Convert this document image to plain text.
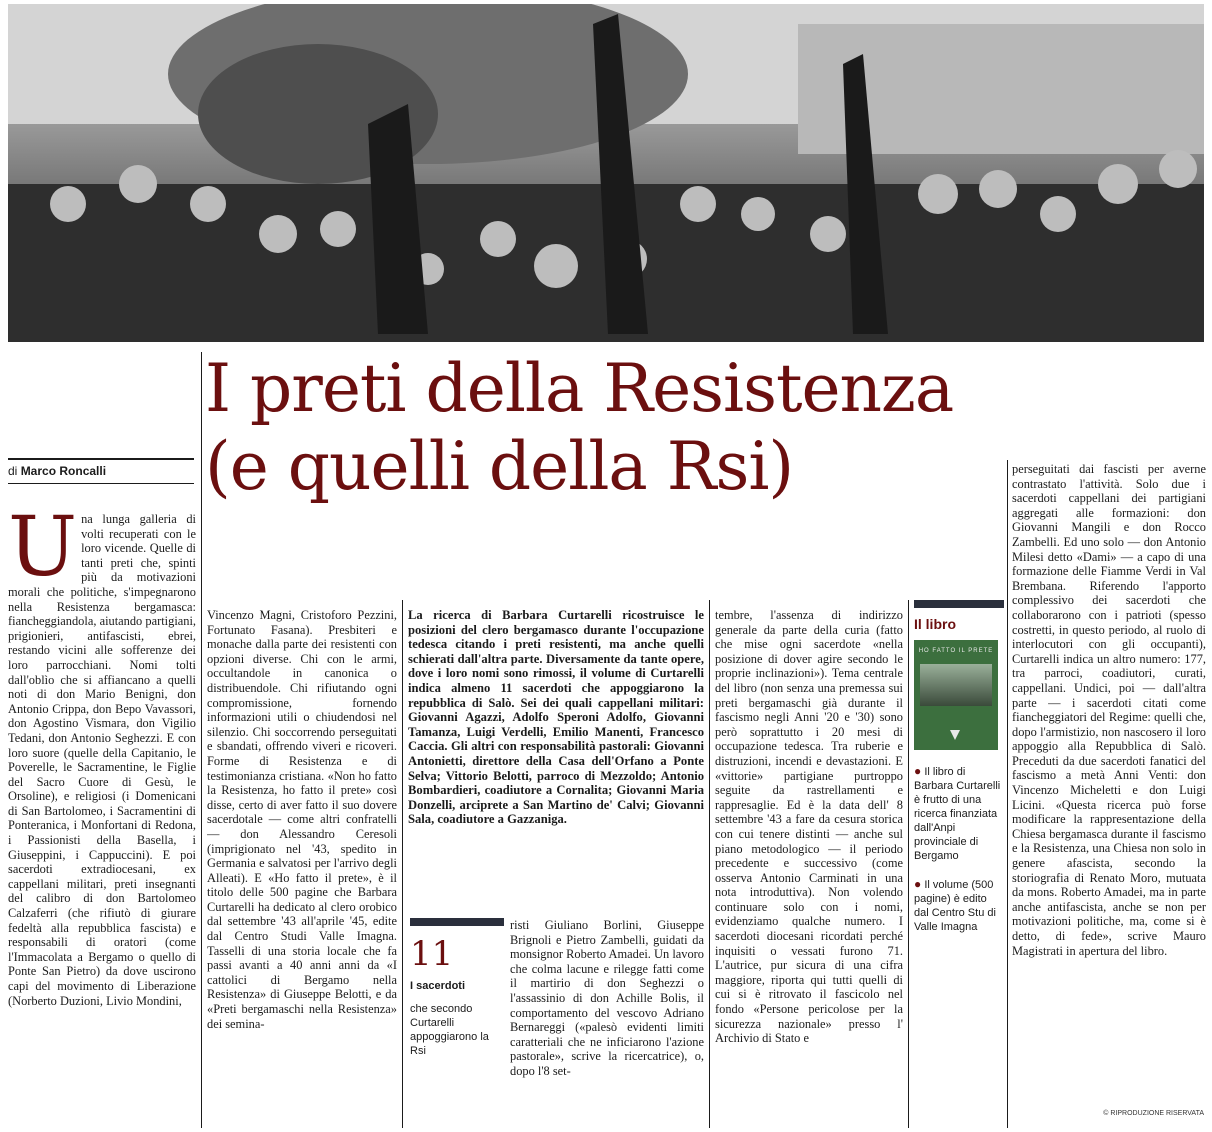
I preti della Resistenza
(e quelli della Rsi)
di Marco Roncalli
U na lunga galleria di volti recuperati con le loro vicende. Quelle di tanti preti che, spinti più da motivazioni morali che politiche, s'impegnarono nella Resistenza bergamasca: fiancheggiandola, aiutando partigiani, prigionieri, antifascisti, ebrei, restando vicini alle sofferenze dei loro parrocchiani. Nomi tolti dall'oblìo che si affiancano a quelli noti di don Mario Benigni, don Antonio Crippa, don Bepo Vavassori, don Agostino Vismara, don Vigilio Tedani, don Antonio Seghezzi. E con loro suore (quelle della Capitanio, le Poverelle, le Sacramentine, le Figlie del Sacro Cuore di Gesù, le Orsoline), e religiosi (i Domenicani di San Bartolomeo, i Sacramentini di Ponteranica, i Monfortani di Redona, i Passionisti della Basella, i Giuseppini, i Cappuccini). E poi sacerdoti extradiocesani, ex cappellani militari, preti insegnanti del calibro di don Bartolomeo Calzaferri (che rifiutò di giurare fedeltà alla repubblica fascista) e responsabili di oratori (come l'Immacolata a Bergamo o quello di Ponte San Pietro) da dove uscirono capi del movimento di Liberazione (Norberto Duzioni, Livio Mondini,

Vincenzo Magni, Cristoforo Pezzini, Fortunato Fasana). Presbiteri e monache dalla parte dei resistenti con opzioni diverse. Chi con le armi, occultandole in canonica o distribuendole. Chi rifiutando ogni compromissione, fornendo informazioni utili o chiudendosi nel silenzio. Chi soccorrendo perseguitati e sbandati, offrendo viveri e ricoveri. Forme di Resistenza e di testimonianza cristiana. «Non ho fatto la Resistenza, ho fatto il prete» così disse, certo di aver fatto il suo dovere sacerdotale — come altri confratelli — don Alessandro Ceresoli (imprigionato nel '43, spedito in Germania e salvatosi per l'arrivo degli Alleati). E «Ho fatto il prete», è il titolo delle 500 pagine che Barbara Curtarelli ha dedicato al clero orobico dal settembre '43 all'aprile '45, edite dal Centro Studi Valle Imagna. Tasselli di una storia locale che fa passi avanti a 40 anni anni da «I cattolici di Bergamo nella Resistenza» di Giuseppe Belotti, e da «Preti bergamaschi nella Resistenza» dei semina-

La ricerca di Barbara Curtarelli ricostruisce le posizioni del clero bergamasco durante l'occupazione tedesca citando i preti resistenti, ma anche quelli schierati dall'altra parte. Diversamente da tante opere, dove i loro nomi sono rimossi, il volume di Curtarelli indica almeno 11 sacerdoti che appoggiarono la repubblica di Salò. Sei dei quali cappellani militari: Giovanni Agazzi, Adolfo Speroni Adolfo, Giovanni Tamanza, Luigi Verdelli, Emilio Manenti, Francesco Caccia. Gli altri con responsabilità pastorali: Giovanni Antonietti, direttore della Casa dell'Orfano a Ponte Selva; Vittorio Belotti, parroco di Mezzoldo; Antonio Bombardieri, coadiutore a Cornalita; Giovanni Maria Donzelli, arciprete a San Martino de' Calvi; Giovanni Sala, coadiutore a Gazzaniga.

11
I sacerdoti
che secondo Curtarelli appoggiarono la Rsi

risti Giuliano Borlini, Giuseppe Brignoli e Pietro Zambelli, guidati da monsignor Roberto Amadei. Un lavoro che colma lacune e rilegge fatti come il martirio di don Seghezzi o l'assassinio di don Achille Bolis, il comportamento del vescovo Adriano Bernareggi («palesò evidenti limiti caratteriali che ne inficiarono l'azione pastorale», scrive la ricercatrice), o, dopo l'8 set-

tembre, l'assenza di indirizzo generale da parte della curia (fatto che mise ogni sacerdote «nella posizione di dover agire secondo le proprie inclinazioni»). Tema centrale del libro (non senza una premessa sui preti bergamaschi già durante il fascismo negli Anni '20 e '30) sono però soprattutto i 20 mesi di occupazione tedesca. Tra ruberie e distruzioni, incendi e devastazioni. E «vittorie» partigiane purtroppo seguite da rastrellamenti e rappresaglie. Ed è la data dell' 8 settembre '43 a fare da cesura storica con cui tenere distinti — anche sul piano metodologico — il periodo precedente e successivo (come osserva Antonio Carminati in una nota introduttiva). Non volendo continuare solo con i nomi, evidenziamo qualche numero. I sacerdoti diocesani ricordati perché inquisiti o vessati furono 71. L'autrice, pur sicura di una cifra maggiore, riporta qui tutti quelli di cui si è ritrovato il fascicolo nel fondo «Persone pericolose per la sicurezza nazionale» presso l' Archivio di Stato e

Il libro
HO FATTO IL PRETE
● Il libro di Barbara Curtarelli è frutto di una ricerca finanziata dall'Anpi provinciale di Bergamo
● Il volume (500 pagine) è edito dal Centro Stu di Valle Imagna

perseguitati dai fascisti per averne contrastato l'attività. Solo due i sacerdoti cappellani dei partigiani aggregati alle formazioni: don Giovanni Mangili e don Rocco Zambelli. Ed uno solo — don Antonio Milesi detto «Dami» — a capo di una formazione delle Fiamme Verdi in Val Brembana. Riferendo l'apporto complessivo dei sacerdoti che collaborarono con i patrioti (spesso costretti, in questo periodo, al ruolo di interlocutori con gli occupanti), Curtarelli indica un altro numero: 177, tra parroci, coadiutori, curati, cappellani. Undici, poi — dall'altra parte — i sacerdoti citati come fiancheggiatori del Regime: quelli che, dopo l'armistizio, non nascosero il loro appoggio alla Repubblica di Salò. Preceduti da due sacerdoti fanatici del fascismo a metà Anni Venti: don Vincenzo Micheletti e don Luigi Licini. «Questa ricerca può forse modificare la rappresentazione della Chiesa bergamasca durante il fascismo e la Resistenza, una Chiesa non solo in genere afascista, secondo la storiografia di Renato Moro, mutuata da mons. Roberto Amadei, ma in parte anche antifascista, anche se non per motivazioni politiche, ma, come si è detto, di fede», scrive Mauro Magistrati in apertura del libro.

© RIPRODUZIONE RISERVATA
